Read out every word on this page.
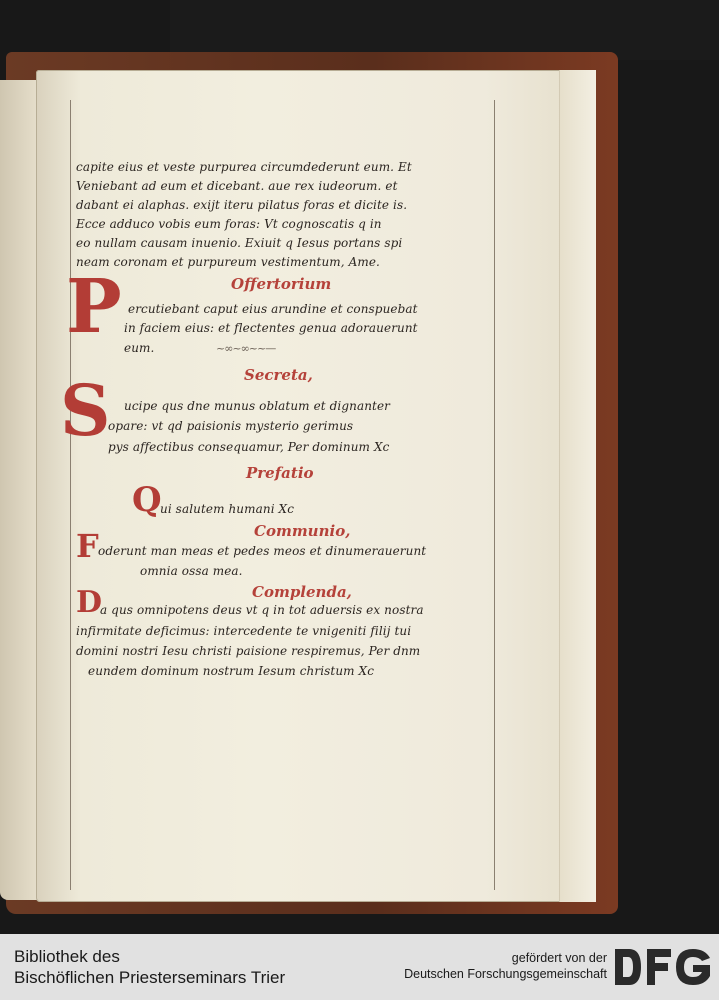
capite eius et veste purpurea circumdederunt eum. Et
Veniebant ad eum et dicebant. aue rex iudeorum. et
dabant ei alaphas. exijt iteru pilatus foras et dicite is.
Ecce adduco vobis eum foras: Vt cognoscatis q in
eo nullam causam inuenio. Exiuit q Iesus portans spi
neam coronam et purpureum vestimentum, Ame.
Offertorium
P ercutiebant caput eius arundine et conspuebat
in faciem eius: et flectentes genua adorauerunt
eum.	~∞~∞~~—
Secreta,
S ucipe qus dne munus oblatum et dignanter
opare: vt qd paisionis mysterio gerimus
pys affectibus consequamur, Per dominum Xc
Prefatio
Q
ui salutem humani Xc
Communio,
F oderunt man meas et pedes meos et dinumerauerunt
omnia ossa mea.
Complenda,
D
a qus omnipotens deus vt q in tot aduersis ex nostra
infirmitate deficimus: intercedente te vnigeniti filij tui
domini nostri Iesu christi paisione respiremus, Per dnm
eundem dominum nostrum Iesum christum Xc
Bibliothek des
Bischöflichen Priesterseminars Trier
gefördert von der
Deutschen Forschungsgemeinschaft
